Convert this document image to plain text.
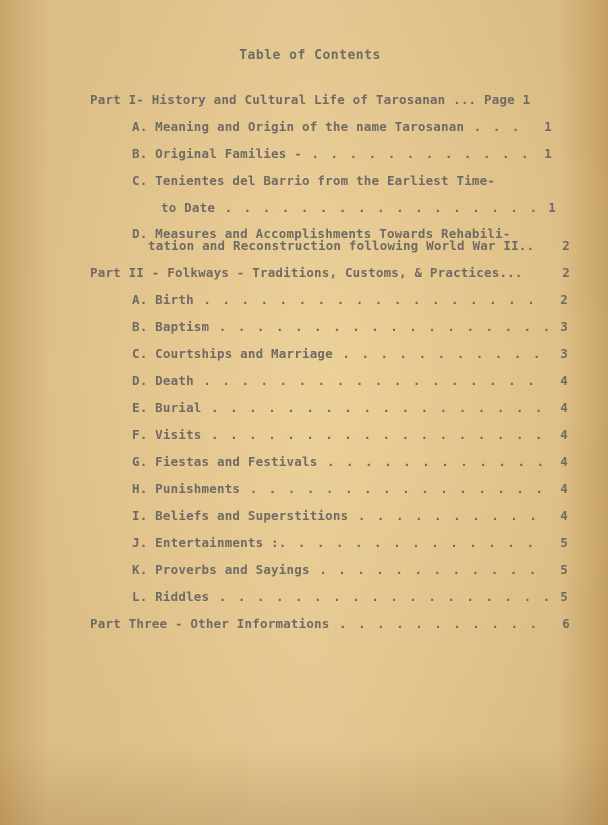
Table of Contents
Part I- History and Cultural Life of Tarosanan ... Page 1
A. Meaning and Origin of the name Tarosanan . . . 1
B. Original Families - . . . . . . . . . . . . 1
C. Tenientes del Barrio from the Earliest Time-
to Date . . . . . . . . . . . . . . . . . 1
D. Measures and Accomplishments Towards Rehabili-
tation and Reconstruction following World War II.. 2
Part II - Folkways - Traditions, Customs, & Practices...	2
A. Birth . . . . . . . . . . . . . . . . . . 2
B. Baptism . . . . . . . . . . . . . . . . . . 3
C. Courtships and Marriage . . . . . . . . . . . 3
D. Death . . . . . . . . . . . . . . . . . . 4
E. Burial . . . . . . . . . . . . . . . . . . 4
F. Visits . . . . . . . . . . . . . . . . . . 4
G. Fiestas and Festivals . . . . . . . . . . . . 4
H. Punishments . . . . . . . . . . . . . . . . 4
I. Beliefs and Superstitions . . . . . . . . . . 4
J. Entertainments :. . . . . . . . . . . . . . 5
K. Proverbs and Sayings . . . . . . . . . . . . 5
L. Riddles . . . . . . . . . . . . . . . . . . 5
Part Three - Other Informations . . . . . . . . . . . 6
